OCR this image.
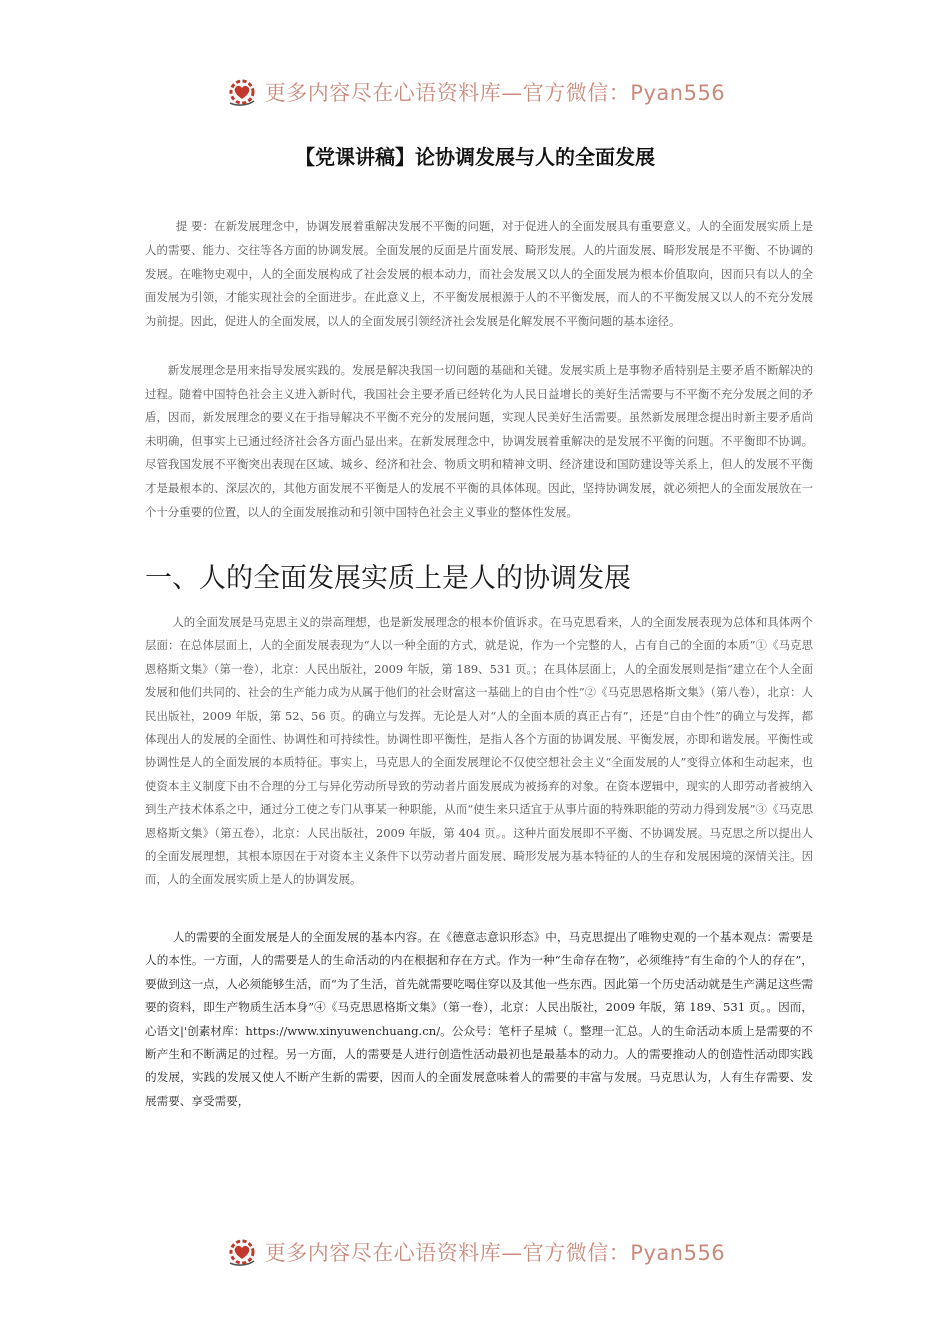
更多内容尽在心语资料库—官方微信：Pyan556
【党课讲稿】论协调发展与人的全面发展

提 要：在新发展理念中，协调发展着重解决发展不平衡的问题，对于促进人的全面发展具有重要意义。人的全面发展实质上是人的需要、能力、交往等各方面的协调发展。全面发展的反面是片面发展、畸形发展。人的片面发展、畸形发展是不平衡、不协调的发展。在唯物史观中，人的全面发展构成了社会发展的根本动力，而社会发展又以人的全面发展为根本价值取向，因而只有以人的全面发展为引领，才能实现社会的全面进步。在此意义上，不平衡发展根源于人的不平衡发展，而人的不平衡发展又以人的不充分发展为前提。因此，促进人的全面发展，以人的全面发展引领经济社会发展是化解发展不平衡问题的基本途径。

新发展理念是用来指导发展实践的。发展是解决我国一切问题的基础和关键。发展实质上是事物矛盾特别是主要矛盾不断解决的过程。随着中国特色社会主义进入新时代，我国社会主要矛盾已经转化为人民日益增长的美好生活需要与不平衡不充分发展之间的矛盾，因而，新发展理念的要义在于指导解决不平衡不充分的发展问题，实现人民美好生活需要。虽然新发展理念提出时新主要矛盾尚未明确，但事实上已通过经济社会各方面凸显出来。在新发展理念中，协调发展着重解决的是发展不平衡的问题。不平衡即不协调。尽管我国发展不平衡突出表现在区域、城乡、经济和社会、物质文明和精神文明、经济建设和国防建设等关系上，但人的发展不平衡才是最根本的、深层次的，其他方面发展不平衡是人的发展不平衡的具体体现。因此，坚持协调发展，就必须把人的全面发展放在一个十分重要的位置，以人的全面发展推动和引领中国特色社会主义事业的整体性发展。

一、人的全面发展实质上是人的协调发展

人的全面发展是马克思主义的崇高理想，也是新发展理念的根本价值诉求。在马克思看来，人的全面发展表现为总体和具体两个层面：在总体层面上，人的全面发展表现为“人以一种全面的方式，就是说，作为一个完整的人，占有自己的全面的本质”①《马克思恩格斯文集》（第一卷），北京：人民出版社，2009 年版，第 189、531 页。；在具体层面上，人的全面发展则是指“建立在个人全面发展和他们共同的、社会的生产能力成为从属于他们的社会财富这一基础上的自由个性”②《马克思恩格斯文集》（第八卷），北京：人民出版社，2009 年版，第 52、56 页。的确立与发挥。无论是人对“人的全面本质的真正占有”，还是“自由个性”的确立与发挥，都体现出人的发展的全面性、协调性和可持续性。协调性即平衡性，是指人各个方面的协调发展、平衡发展，亦即和谐发展。平衡性或协调性是人的全面发展的本质特征。事实上，马克思人的全面发展理论不仅使空想社会主义“全面发展的人”变得立体和生动起来，也使资本主义制度下由不合理的分工与异化劳动所导致的劳动者片面发展成为被扬弃的对象。在资本逻辑中，现实的人即劳动者被纳入到生产技术体系之中，通过分工使之专门从事某一种职能，从而“使生来只适宜于从事片面的特殊职能的劳动力得到发展”③《马克思恩格斯文集》（第五卷），北京：人民出版社，2009 年版，第 404 页。。这种片面发展即不平衡、不协调发展。马克思之所以提出人的全面发展理想，其根本原因在于对资本主义条件下以劳动者片面发展、畸形发展为基本特征的人的生存和发展困境的深情关注。因而，人的全面发展实质上是人的协调发展。

人的需要的全面发展是人的全面发展的基本内容。在《德意志意识形态》中，马克思提出了唯物史观的一个基本观点：需要是人的本性。一方面，人的需要是人的生命活动的内在根据和存在方式。作为一种“生命存在物”，必须维持“有生命的个人的存在”，要做到这一点，人必须能够生活，而“为了生活，首先就需要吃喝住穿以及其他一些东西。因此第一个历史活动就是生产满足这些需要的资料，即生产物质生活本身”④《马克思恩格斯文集》（第一卷），北京：人民出版社，2009 年版，第 189、531 页。。因而，心语文|'创素材库：https://www.xinyuwenchuang.cn/。公众号：笔杆子星城（。整理一汇总。人的生命活动本质上是需要的不断产生和不断满足的过程。另一方面，人的需要是人进行创造性活动最初也是最基本的动力。人的需要推动人的创造性活动即实践的发展，实践的发展又使人不断产生新的需要，因而人的全面发展意味着人的需要的丰富与发展。马克思认为，人有生存需要、发展需要、享受需要，

更多内容尽在心语资料库—官方微信：Pyan556
